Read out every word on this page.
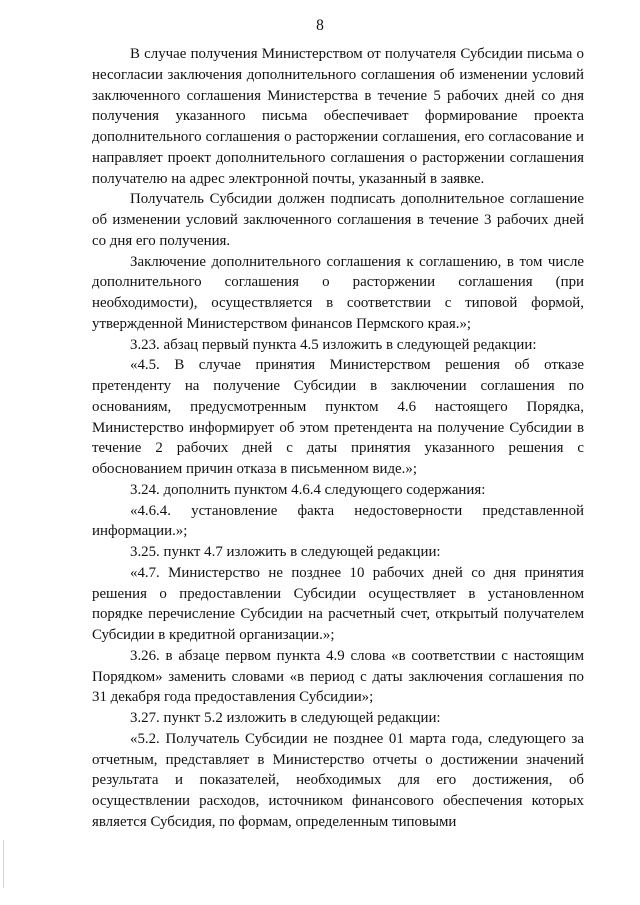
8

В случае получения Министерством от получателя Субсидии письма о несогласии заключения дополнительного соглашения об изменении условий заключенного соглашения Министерства в течение 5 рабочих дней со дня получения указанного письма обеспечивает формирование проекта дополнительного соглашения о расторжении соглашения, его согласование и направляет проект дополнительного соглашения о расторжении соглашения получателю на адрес электронной почты, указанный в заявке.

Получатель Субсидии должен подписать дополнительное соглашение об изменении условий заключенного соглашения в течение 3 рабочих дней со дня его получения.

Заключение дополнительного соглашения к соглашению, в том числе дополнительного соглашения о расторжении соглашения (при необходимости), осуществляется в соответствии с типовой формой, утвержденной Министерством финансов Пермского края.»;

3.23. абзац первый пункта 4.5 изложить в следующей редакции:

«4.5. В случае принятия Министерством решения об отказе претенденту на получение Субсидии в заключении соглашения по основаниям, предусмотренным пунктом 4.6 настоящего Порядка, Министерство информирует об этом претендента на получение Субсидии в течение 2 рабочих дней с даты принятия указанного решения с обоснованием причин отказа в письменном виде.»;

3.24. дополнить пунктом 4.6.4 следующего содержания:

«4.6.4. установление факта недостоверности представленной информации.»;

3.25. пункт 4.7 изложить в следующей редакции:

«4.7. Министерство не позднее 10 рабочих дней со дня принятия решения о предоставлении Субсидии осуществляет в установленном порядке перечисление Субсидии на расчетный счет, открытый получателем Субсидии в кредитной организации.»;

3.26. в абзаце первом пункта 4.9 слова «в соответствии с настоящим Порядком» заменить словами «в период с даты заключения соглашения по 31 декабря года предоставления Субсидии»;

3.27. пункт 5.2 изложить в следующей редакции:

«5.2. Получатель Субсидии не позднее 01 марта года, следующего за отчетным, представляет в Министерство отчеты о достижении значений результата и показателей, необходимых для его достижения, об осуществлении расходов, источником финансового обеспечения которых является Субсидия, по формам, определенным типовыми
